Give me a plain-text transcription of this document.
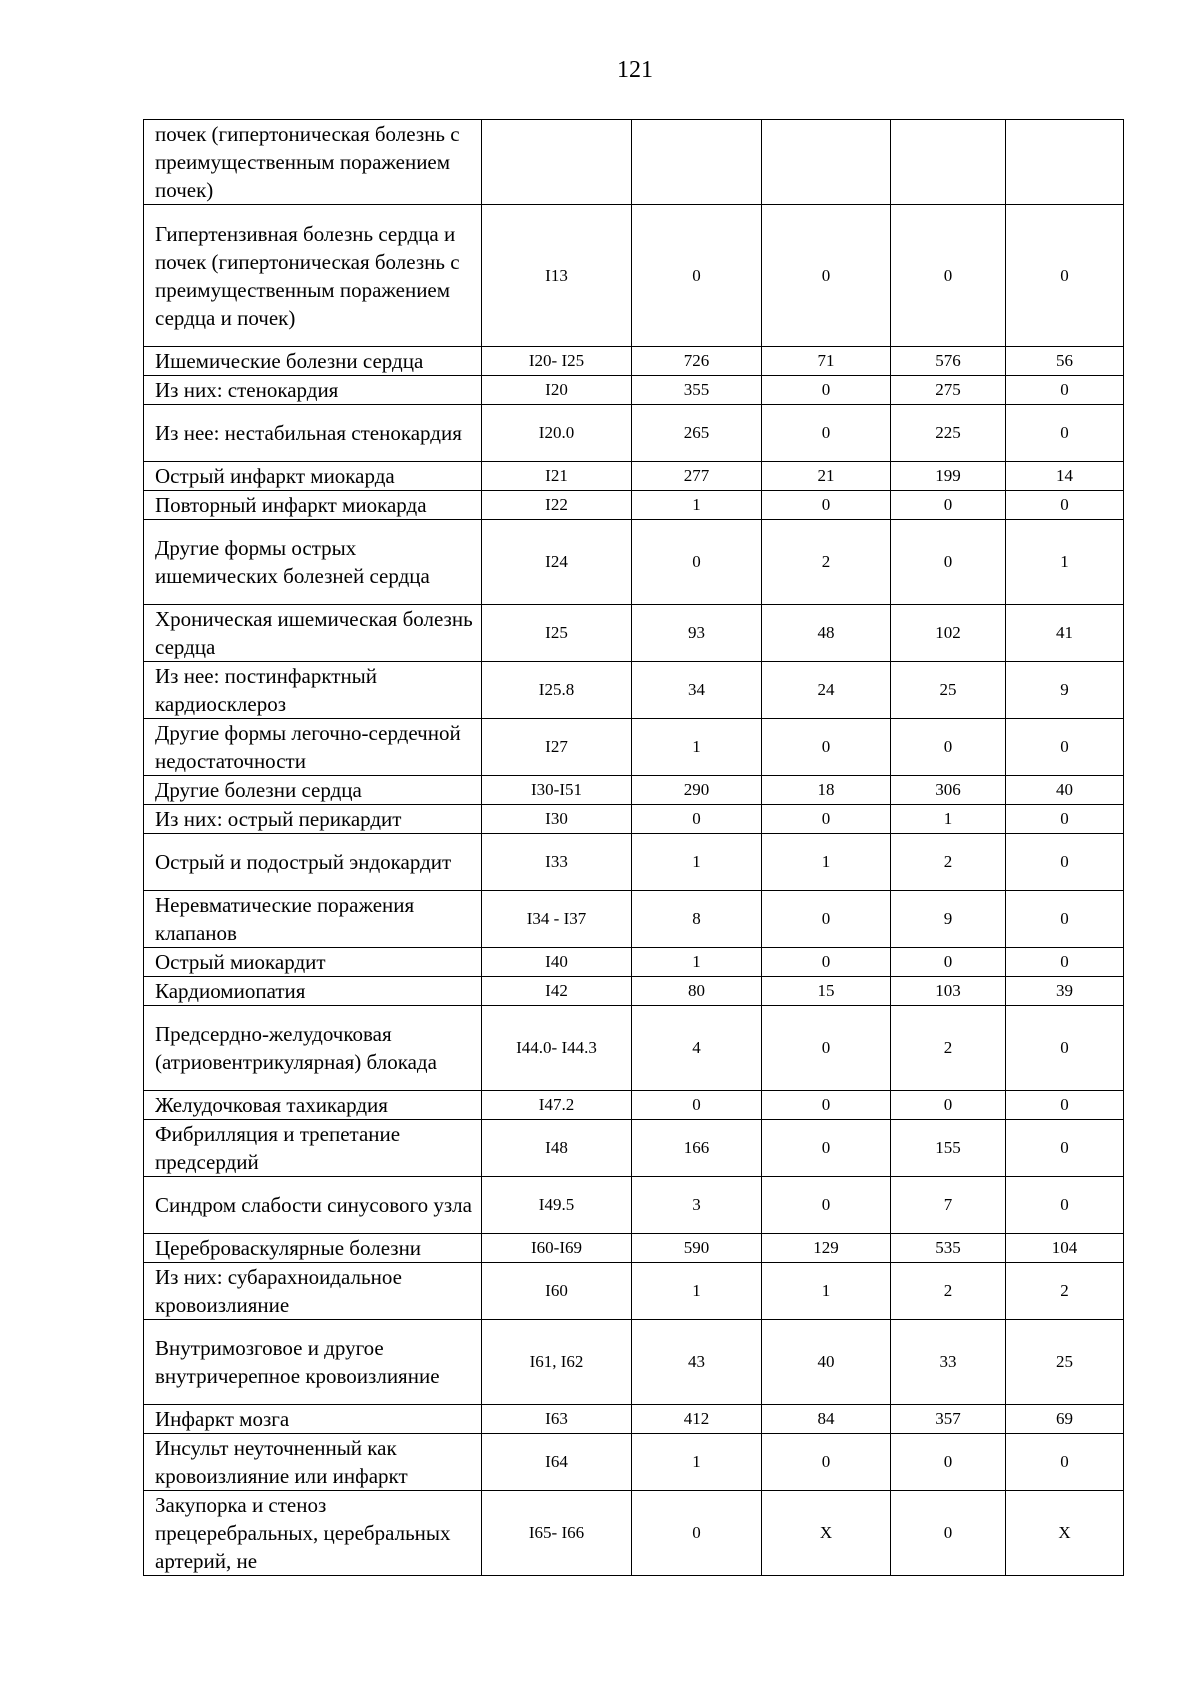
121
почек (гипертоническая болезнь с преимущественным поражением почек)					
Гипертензивная болезнь сердца и почек (гипертоническая болезнь с преимущественным поражением сердца и почек)	I13	0	0	0	0
Ишемические болезни сердца	I20- I25	726	71	576	56
Из них: стенокардия	I20	355	0	275	0
Из нее: нестабильная стенокардия	I20.0	265	0	225	0
Острый инфаркт миокарда	I21	277	21	199	14
Повторный инфаркт миокарда	I22	1	0	0	0
Другие формы острых ишемических болезней сердца	I24	0	2	0	1
Хроническая ишемическая болезнь сердца	I25	93	48	102	41
Из нее: постинфарктный кардиосклероз	I25.8	34	24	25	9
Другие формы легочно-сердечной недостаточности	I27	1	0	0	0
Другие болезни сердца	I30-I51	290	18	306	40
Из них: острый перикардит	I30	0	0	1	0
Острый и подострый эндокардит	I33	1	1	2	0
Неревматические поражения клапанов	I34 - I37	8	0	9	0
Острый миокардит	I40	1	0	0	0
Кардиомиопатия	I42	80	15	103	39
Предсердно-желудочковая (атриовентрикулярная) блокада	I44.0- I44.3	4	0	2	0
Желудочковая тахикардия	I47.2	0	0	0	0
Фибрилляция и трепетание предсердий	I48	166	0	155	0
Синдром слабости синусового узла	I49.5	3	0	7	0
Цереброваскулярные болезни	I60-I69	590	129	535	104
Из них: субарахноидальное кровоизлияние	I60	1	1	2	2
Внутримозговое и другое внутричерепное кровоизлияние	I61, I62	43	40	33	25
Инфаркт мозга	I63	412	84	357	69
Инсульт неуточненный как кровоизлияние или инфаркт	I64	1	0	0	0
Закупорка и стеноз прецеребральных, церебральных артерий, не	I65- I66	0	X	0	X
